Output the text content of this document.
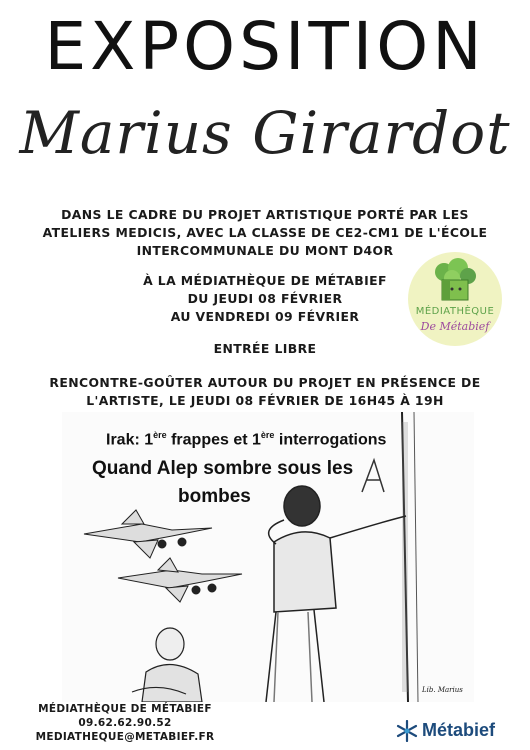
EXPOSITION
Marius Girardot
DANS LE CADRE DU PROJET ARTISTIQUE PORTÉ PAR LES
ATELIERS MEDICIS, AVEC LA CLASSE DE CE2-CM1 DE L'ÉCOLE
INTERCOMMUNALE DU MONT D4OR
À LA MÉDIATHÈQUE DE MÉTABIEF
DU JEUDI 08 FÉVRIER
AU VENDREDI 09 FÉVRIER
ENTRÉE LIBRE
RENCONTRE-GOÛTER AUTOUR DU PROJET EN PRÉSENCE DE
L'ARTISTE, LE JEUDI 08 FÉVRIER DE 16H45 À 19H
MÉDIATHÈQUE
De Métabief
Irak: 1ère frappes et 1ère interrogations
Quand Alep sombre sous les
bombes
Lib. Marius
MÉDIATHÈQUE DE MÉTABIEF
09.62.62.90.52
MEDIATHEQUE@METABIEF.FR	Métabief
